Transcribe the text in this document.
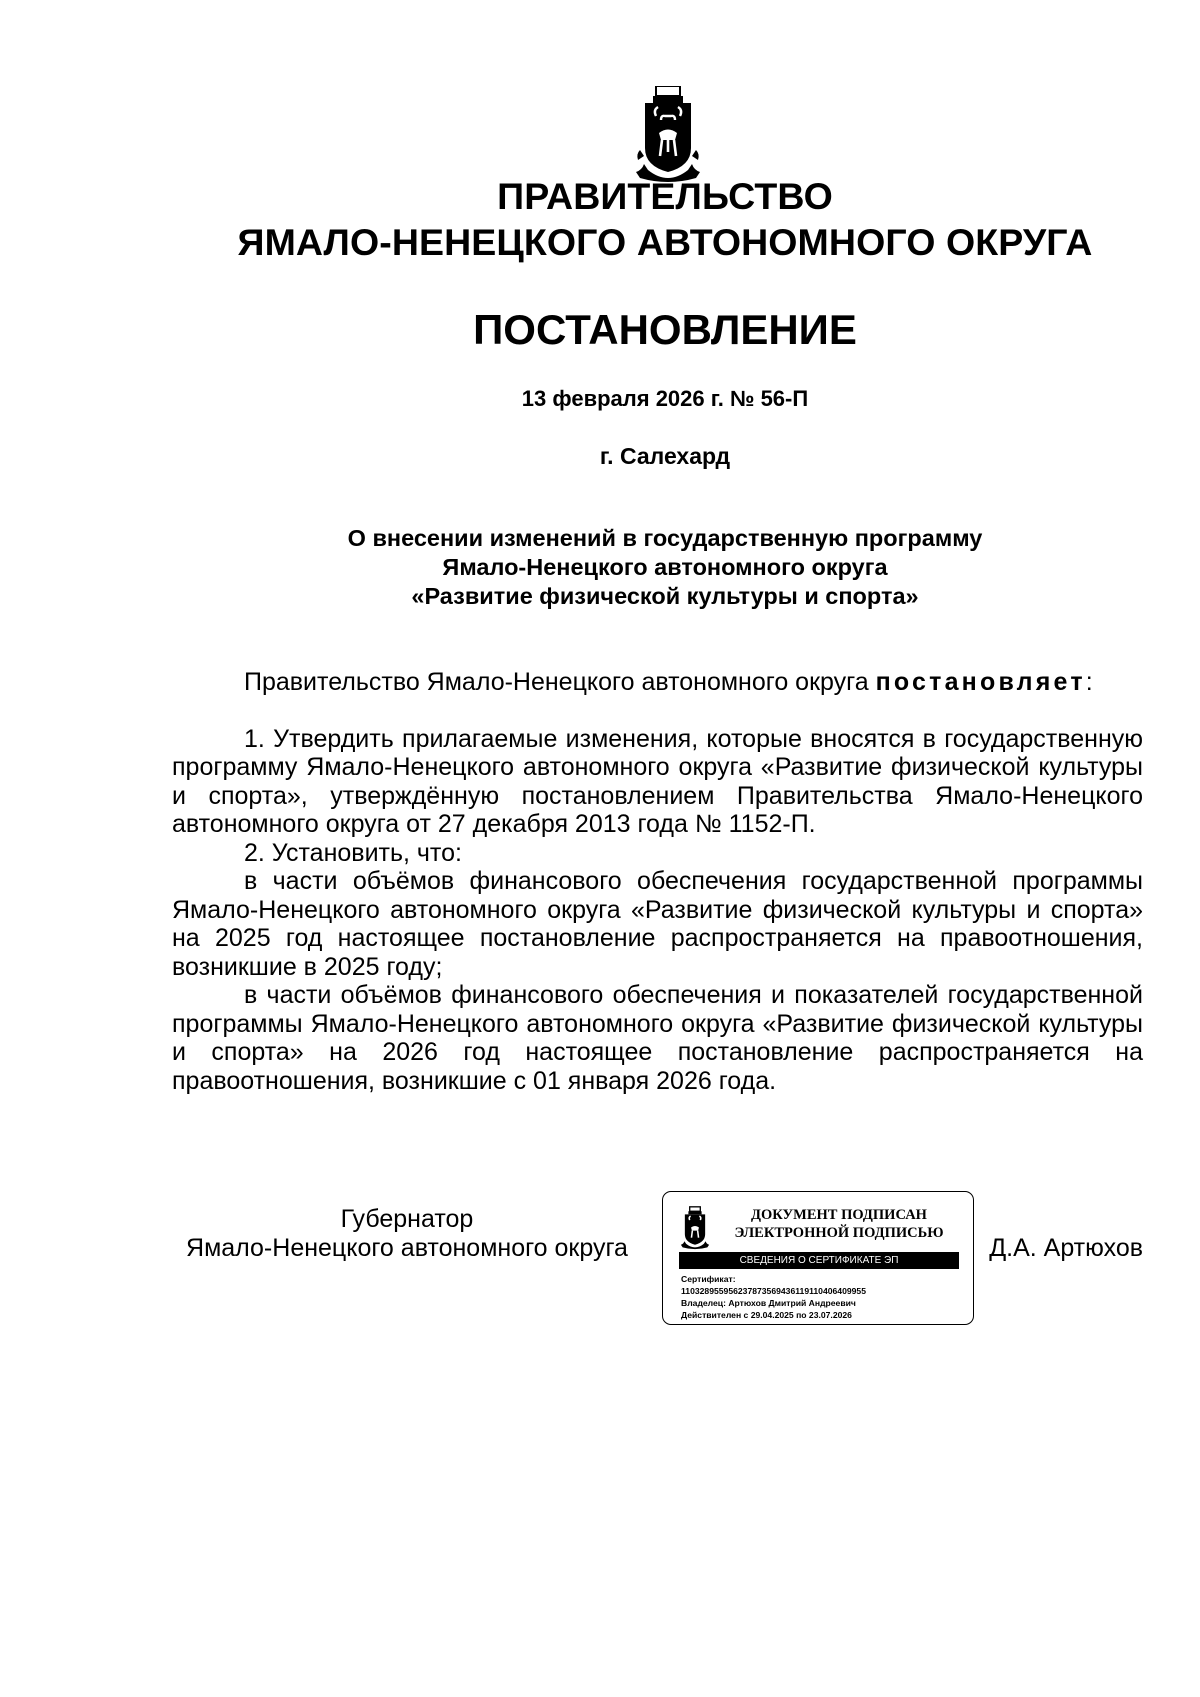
ПРАВИТЕЛЬСТВО
ЯМАЛО-НЕНЕЦКОГО АВТОНОМНОГО ОКРУГА
ПОСТАНОВЛЕНИЕ
13 февраля 2026 г. № 56-П
г. Салехард
О внесении изменений в государственную программу
Ямало-Ненецкого автономного округа
«Развитие физической культуры и спорта»

Правительство Ямало-Ненецкого автономного округа постановляет:

1. Утвердить прилагаемые изменения, которые вносятся в государственную программу Ямало-Ненецкого автономного округа «Развитие физической культуры и спорта», утверждённую постановлением Правительства Ямало-Ненецкого автономного округа от 27 декабря 2013 года № 1152-П.

2. Установить, что:

в части объёмов финансового обеспечения государственной программы Ямало-Ненецкого автономного округа «Развитие физической культуры и спорта» на 2025 год настоящее постановление распространяется на правоотношения, возникшие в 2025 году;

в части объёмов финансового обеспечения и показателей государственной программы Ямало-Ненецкого автономного округа «Развитие физической культуры и спорта» на 2026 год настоящее постановление распространяется на правоотношения, возникшие с 01 января 2026 года.

Губернатор
Ямало-Ненецкого автономного округа
ДОКУМЕНТ ПОДПИСАН
ЭЛЕКТРОННОЙ ПОДПИСЬЮ
СВЕДЕНИЯ О СЕРТИФИКАТЕ ЭП
Сертификат:
110328955956237873569436119110406409955
Владелец: Артюхов Дмитрий Андреевич
Действителен с 29.04.2025 по 23.07.2026
Д.А. Артюхов
